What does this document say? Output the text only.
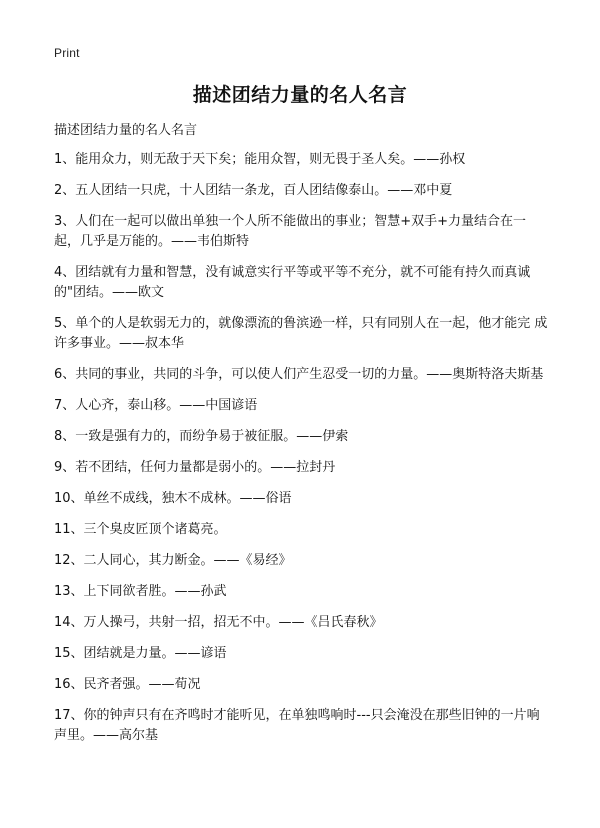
Print
描述团结力量的名人名言
描述团结力量的名人名言
1、能用众力，则无敌于天下矣；能用众智，则无畏于圣人矣。——孙权
2、五人团结一只虎，十人团结一条龙，百人团结像泰山。——邓中夏
3、人们在一起可以做出单独一个人所不能做出的事业；智慧+双手+力量结合在一起，几乎是万能的。——韦伯斯特
4、团结就有力量和智慧，没有诚意实行平等或平等不充分，就不可能有持久而真诚 的"团结。——欧文
5、单个的人是软弱无力的，就像漂流的鲁滨逊一样，只有同别人在一起，他才能完 成许多事业。——叔本华
6、共同的事业，共同的斗争，可以使人们产生忍受一切的力量。——奥斯特洛夫斯基
7、人心齐，泰山移。——中国谚语
8、一致是强有力的，而纷争易于被征服。——伊索
9、若不团结，任何力量都是弱小的。——拉封丹
10、单丝不成线，独木不成林。——俗语
11、三个臭皮匠顶个诸葛亮。
12、二人同心，其力断金。——《易经》
13、上下同欲者胜。——孙武
14、万人操弓，共射一招，招无不中。——《吕氏春秋》
15、团结就是力量。——谚语
16、民齐者强。——荀况
17、你的钟声只有在齐鸣时才能听见，在单独鸣响时---只会淹没在那些旧钟的一片响声里。——高尔基
